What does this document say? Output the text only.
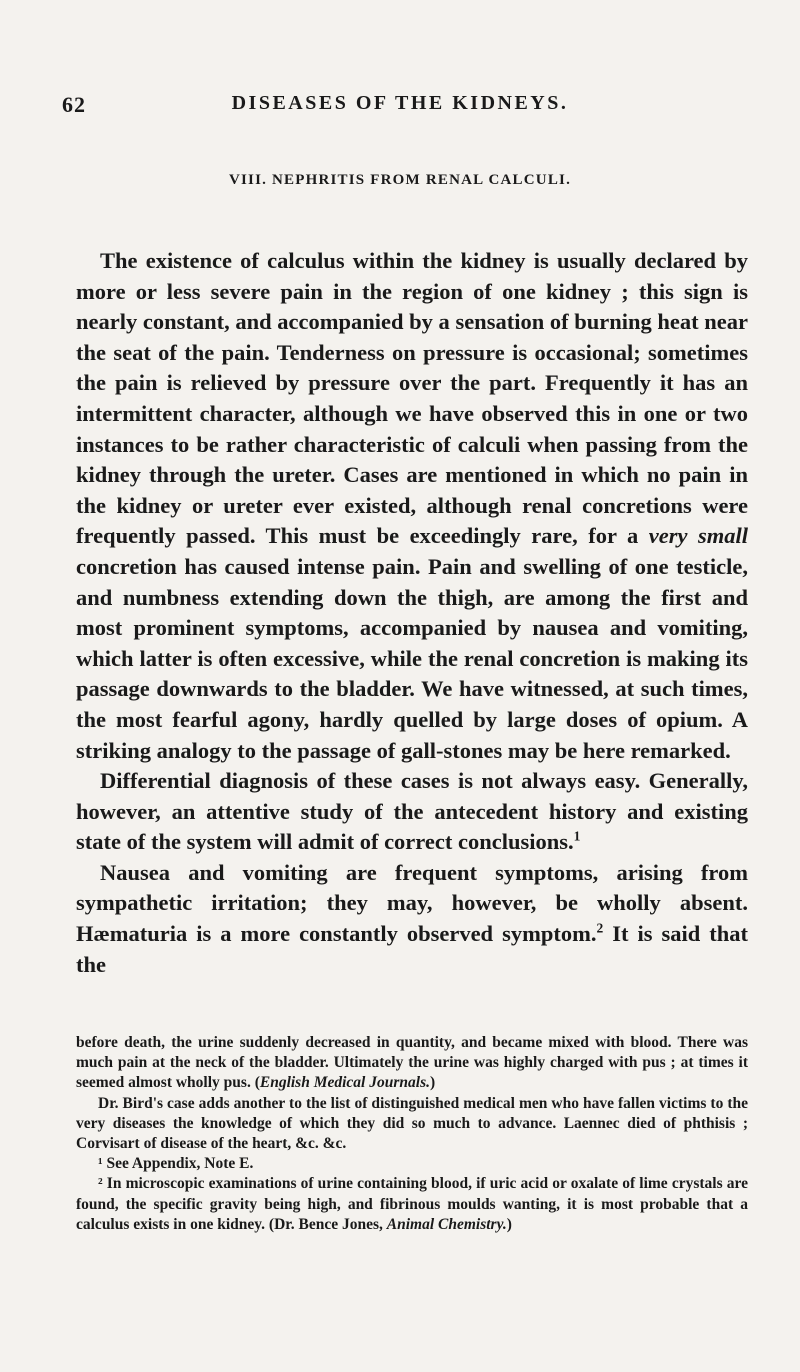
62	DISEASES OF THE KIDNEYS.
VIII. NEPHRITIS FROM RENAL CALCULI.

The existence of calculus within the kidney is usually declared by more or less severe pain in the region of one kidney ; this sign is nearly constant, and accompanied by a sensation of burning heat near the seat of the pain. Tenderness on pressure is occasional; sometimes the pain is relieved by pressure over the part. Frequently it has an intermittent character, although we have observed this in one or two instances to be rather characteristic of calculi when passing from the kidney through the ureter. Cases are mentioned in which no pain in the kidney or ureter ever existed, although renal concretions were frequently passed. This must be exceedingly rare, for a very small concretion has caused intense pain. Pain and swelling of one testicle, and numbness extending down the thigh, are among the first and most prominent symptoms, accompanied by nausea and vomiting, which latter is often excessive, while the renal concretion is making its passage downwards to the bladder. We have witnessed, at such times, the most fearful agony, hardly quelled by large doses of opium. A striking analogy to the passage of gall-stones may be here remarked.

Differential diagnosis of these cases is not always easy. Generally, however, an attentive study of the antecedent history and existing state of the system will admit of correct conclusions.$^1$

Nausea and vomiting are frequent symptoms, arising from sympathetic irritation; they may, however, be wholly absent. Hæmaturia is a more constantly observed symptom.$^2$ It is said that the

before death, the urine suddenly decreased in quantity, and became mixed with blood. There was much pain at the neck of the bladder. Ultimately the urine was highly charged with pus ; at times it seemed almost wholly pus. (English Medical Journals.)

Dr. Bird's case adds another to the list of distinguished medical men who have fallen victims to the very diseases the knowledge of which they did so much to advance. Laennec died of phthisis ; Corvisart of disease of the heart, &c. &c.

¹ See Appendix, Note E.

² In microscopic examinations of urine containing blood, if uric acid or oxalate of lime crystals are found, the specific gravity being high, and fibrinous moulds wanting, it is most probable that a calculus exists in one kidney. (Dr. Bence Jones, Animal Chemistry.)
